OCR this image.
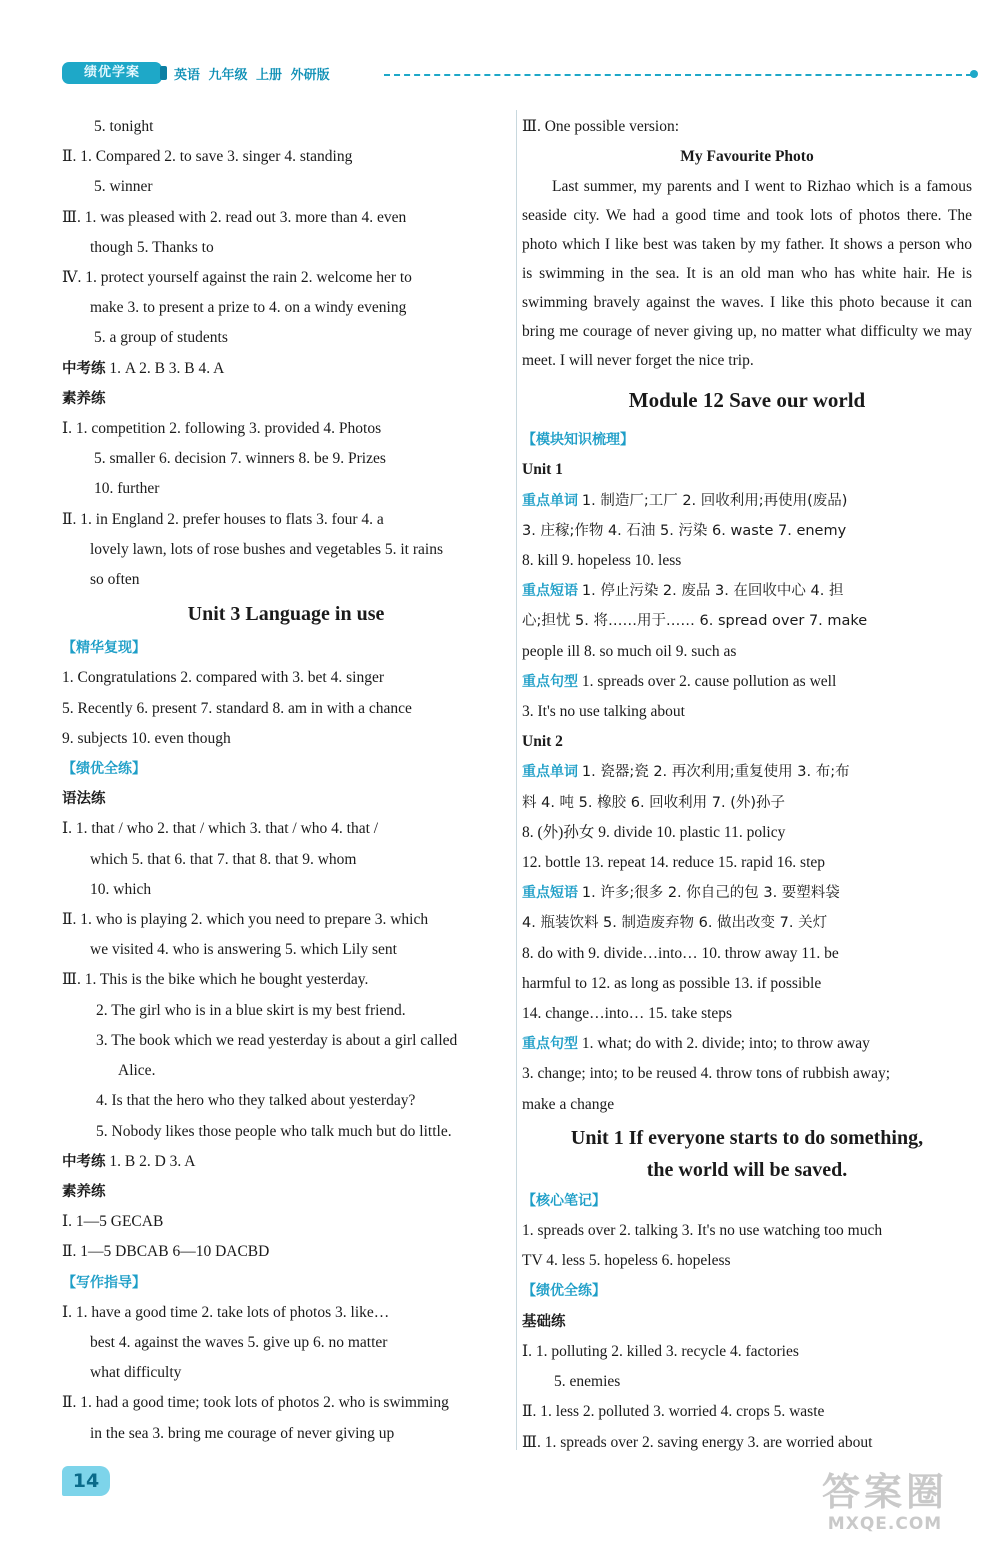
绩优学案	英语 九年级 上册 外研版
5. tonight
Ⅱ. 1. Compared 2. to save 3. singer 4. standing
5. winner
Ⅲ. 1. was pleased with 2. read out 3. more than 4. even
though 5. Thanks to
Ⅳ. 1. protect yourself against the rain 2. welcome her to
make 3. to present a prize to 4. on a windy evening
5. a group of students
中考练 1. A 2. B 3. B 4. A
素养练
Ⅰ. 1. competition 2. following 3. provided 4. Photos
5. smaller 6. decision 7. winners 8. be 9. Prizes
10. further
Ⅱ. 1. in England 2. prefer houses to flats 3. four 4. a
lovely lawn, lots of rose bushes and vegetables 5. it rains
so often
Unit 3 Language in use
【精华复现】
1. Congratulations 2. compared with 3. bet 4. singer
5. Recently 6. present 7. standard 8. am in with a chance
9. subjects 10. even though
【绩优全练】
语法练
Ⅰ. 1. that / who 2. that / which 3. that / who 4. that /
which 5. that 6. that 7. that 8. that 9. whom
10. which
Ⅱ. 1. who is playing 2. which you need to prepare 3. which
we visited 4. who is answering 5. which Lily sent
Ⅲ. 1. This is the bike which he bought yesterday.
2. The girl who is in a blue skirt is my best friend.
3. The book which we read yesterday is about a girl called
Alice.
4. Is that the hero who they talked about yesterday?
5. Nobody likes those people who talk much but do little.
中考练 1. B 2. D 3. A
素养练
Ⅰ. 1—5 GECAB
Ⅱ. 1—5 DBCAB 6—10 DACBD
【写作指导】
Ⅰ. 1. have a good time 2. take lots of photos 3. like…
best 4. against the waves 5. give up 6. no matter
what difficulty
Ⅱ. 1. had a good time; took lots of photos 2. who is swimming
in the sea 3. bring me courage of never giving up
Ⅲ. One possible version:
My Favourite Photo
Last summer, my parents and I went to Rizhao which is a famous seaside city. We had a good time and took lots of photos there. The photo which I like best was taken by my father. It shows a person who is swimming in the sea. It is an old man who has white hair. He is swimming bravely against the waves. I like this photo because it can bring me courage of never giving up, no matter what difficulty we may meet. I will never forget the nice trip.
Module 12 Save our world
【模块知识梳理】
Unit 1
重点单词 1. 制造厂;工厂 2. 回收利用;再使用(废品)
3. 庄稼;作物 4. 石油 5. 污染 6. waste 7. enemy
8. kill 9. hopeless 10. less
重点短语 1. 停止污染 2. 废品 3. 在回收中心 4. 担
心;担忧 5. 将……用于…… 6. spread over 7. make
people ill 8. so much oil 9. such as
重点句型 1. spreads over 2. cause pollution as well
3. It's no use talking about
Unit 2
重点单词 1. 瓷器;瓷 2. 再次利用;重复使用 3. 布;布
料 4. 吨 5. 橡胶 6. 回收利用 7. (外)孙子
8. (外)孙女 9. divide 10. plastic 11. policy
12. bottle 13. repeat 14. reduce 15. rapid 16. step
重点短语 1. 许多;很多 2. 你自己的包 3. 要塑料袋
4. 瓶装饮料 5. 制造废弃物 6. 做出改变 7. 关灯
8. do with 9. divide…into… 10. throw away 11. be
harmful to 12. as long as possible 13. if possible
14. change…into… 15. take steps
重点句型 1. what; do with 2. divide; into; to throw away
3. change; into; to be reused 4. throw tons of rubbish away;
make a change
Unit 1 If everyone starts to do something,
the world will be saved.
【核心笔记】
1. spreads over 2. talking 3. It's no use watching too much
TV 4. less 5. hopeless 6. hopeless
【绩优全练】
基础练
Ⅰ. 1. polluting 2. killed 3. recycle 4. factories
5. enemies
Ⅱ. 1. less 2. polluted 3. worried 4. crops 5. waste
Ⅲ. 1. spreads over 2. saving energy 3. are worried about
14	答案圈
MXQE.COM
